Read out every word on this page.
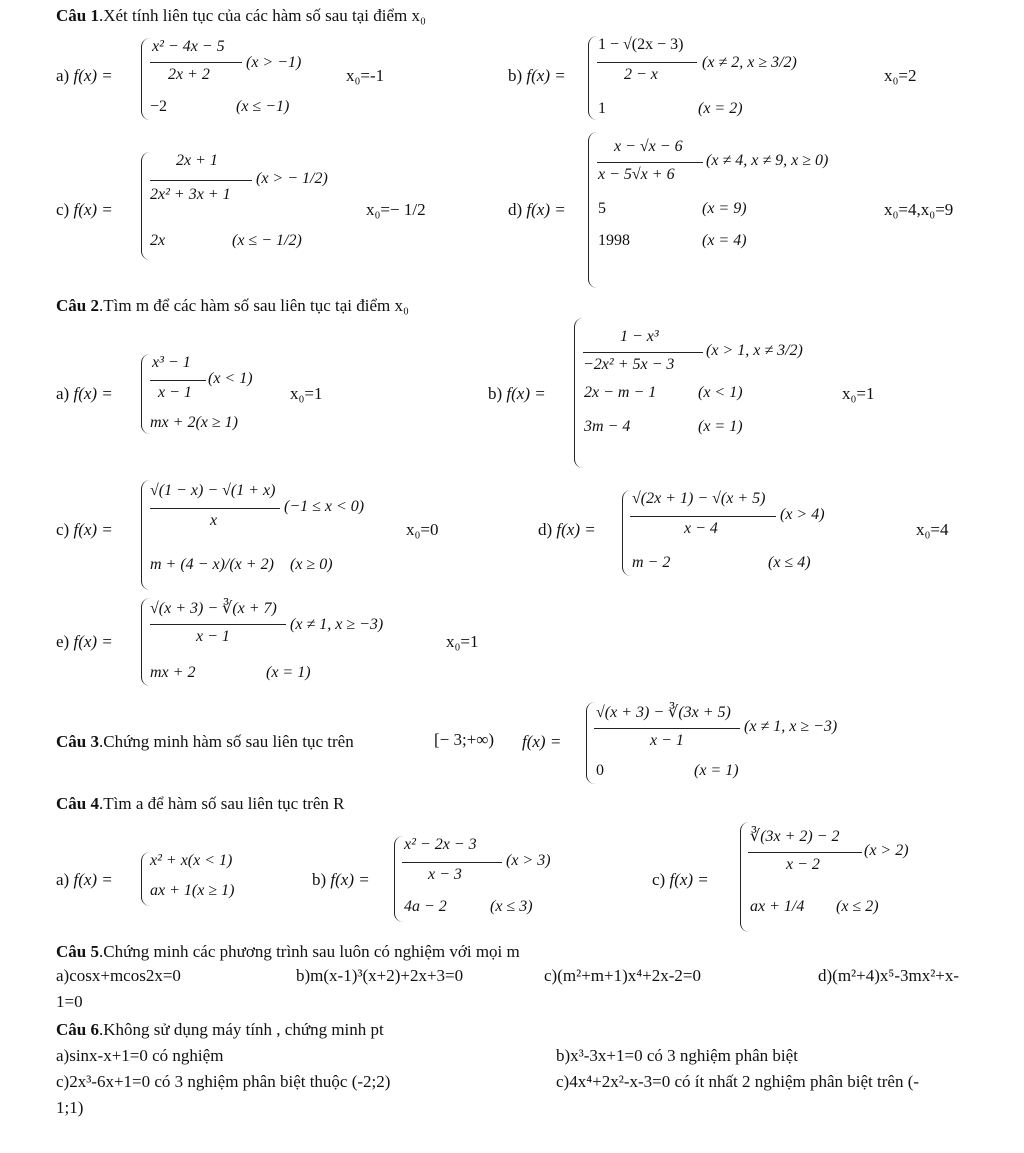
Câu 1.Xét tính liên tục của các hàm số sau tại điểm x₀
a) f(x) =
x² − 4x − 5
2x + 2
(x > −1)
−2	(x ≤ −1)
x₀=-1	b) f(x) =
1 − √(2x − 3)
2 − x
(x ≠ 2, x ≥ 3/2)
1	(x = 2)
x₀=2
c) f(x) =
2x + 1
2x² + 3x + 1
(x > − 1/2)
2x	(x ≤ − 1/2)
x₀=− 1/2	d) f(x) =
x − √x − 6
x − 5√x + 6
(x ≠ 4, x ≠ 9, x ≥ 0)
5	(x = 9)
1998	(x = 4)
x₀=4,x₀=9
Câu 2.Tìm m để các hàm số sau liên tục tại điểm x₀
a) f(x) =
x³ − 1
x − 1
(x < 1)
mx + 2(x ≥ 1)
x₀=1	b) f(x) =
1 − x³
−2x² + 5x − 3
(x > 1, x ≠ 3/2)
2x − m − 1	(x < 1)
3m − 4	(x = 1)
x₀=1
c) f(x) =
√(1 − x) − √(1 + x)
x
(−1 ≤ x < 0)
m + (4 − x)/(x + 2) (x ≥ 0)
x₀=0	d) f(x) =
√(2x + 1) − √(x + 5)
x − 4
(x > 4)
m − 2	(x ≤ 4)
x₀=4
e) f(x) =
√(x + 3) − ∛(x + 7)
x − 1
(x ≠ 1, x ≥ −3)
mx + 2	(x = 1)
x₀=1
Câu 3.Chứng minh hàm số sau liên tục trên	[− 3;+∞) f(x) =
√(x + 3) − ∛(3x + 5)
x − 1
(x ≠ 1, x ≥ −3)
0	(x = 1)
Câu 4.Tìm a để hàm số sau liên tục trên R
a) f(x) =
x² + x(x < 1)
ax + 1(x ≥ 1)
b) f(x) =
x² − 2x − 3
x − 3
(x > 3)
4a − 2	(x ≤ 3)
c) f(x) =
∛(3x + 2) − 2
x − 2
(x > 2)
ax + 1/4 (x ≤ 2)
Câu 5.Chứng minh các phương trình sau luôn có nghiệm với mọi m
a)cosx+mcos2x=0	b)m(x-1)³(x+2)+2x+3=0	c)(m²+m+1)x⁴+2x-2=0	d)(m²+4)x⁵-3mx²+x-
1=0
Câu 6.Không sử dụng máy tính , chứng minh pt
a)sinx-x+1=0 có nghiệm	b)x³-3x+1=0 có 3 nghiệm phân biệt
c)2x³-6x+1=0 có 3 nghiệm phân biệt thuộc (-2;2)	c)4x⁴+2x²-x-3=0 có ít nhất 2 nghiệm phân biệt trên (-
1;1)
